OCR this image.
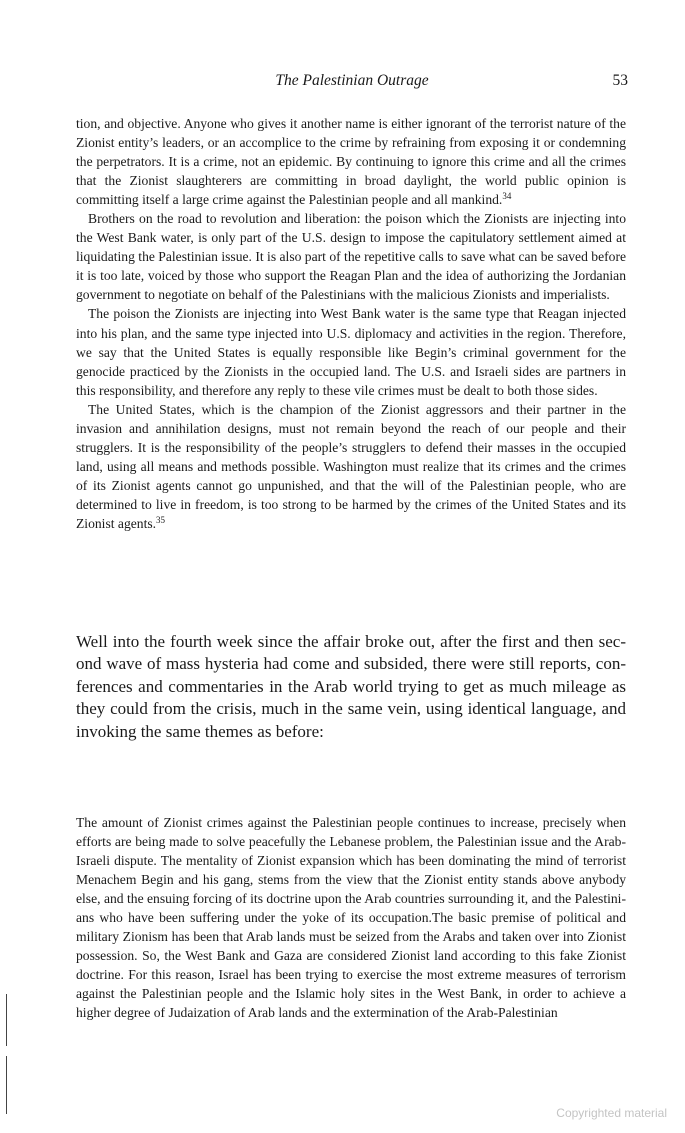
The Palestinian Outrage	53

tion, and objective. Anyone who gives it another name is either ignorant of the terrorist nature of the Zionist entity’s leaders, or an accomplice to the crime by refraining from exposing it or condemning the perpetrators. It is a crime, not an epidemic. By continuing to ignore this crime and all the crimes that the Zionist slaughterers are committing in broad daylight, the world public opinion is committing itself a large crime against the Palestinian people and all mankind.$^{34}$

Brothers on the road to revolution and liberation: the poison which the Zionists are injecting into the West Bank water, is only part of the U.S. design to impose the capitulatory settlement aimed at liquidating the Palestinian issue. It is also part of the repetitive calls to save what can be saved before it is too late, voiced by those who support the Reagan Plan and the idea of authorizing the Jordanian government to negotiate on behalf of the Palestinians with the malicious Zionists and imperialists.

The poison the Zionists are injecting into West Bank water is the same type that Reagan injected into his plan, and the same type injected into U.S. diplomacy and activities in the region. Therefore, we say that the United States is equally responsible like Begin’s criminal government for the genocide practiced by the Zionists in the occupied land. The U.S. and Israeli sides are partners in this responsibility, and therefore any reply to these vile crimes must be dealt to both those sides.

The United States, which is the champion of the Zionist aggressors and their partner in the invasion and annihilation designs, must not remain beyond the reach of our people and their strugglers. It is the responsibility of the people’s strugglers to defend their masses in the occupied land, using all means and methods possible. Washington must realize that its crimes and the crimes of its Zionist agents cannot go unpunished, and that the will of the Palestinian people, who are determined to live in freedom, is too strong to be harmed by the crimes of the United States and its Zionist agents.$^{35}$

Well into the fourth week since the affair broke out, after the first and then second wave of mass hysteria had come and subsided, there were still reports, conferences and commentaries in the Arab world trying to get as much mileage as they could from the crisis, much in the same vein, using identical language, and invoking the same themes as before:

The amount of Zionist crimes against the Palestinian people continues to increase, precisely when efforts are being made to solve peacefully the Lebanese problem, the Palestinian issue and the Arab-Israeli dispute. The mentality of Zionist expansion which has been dominating the mind of terrorist Menachem Begin and his gang, stems from the view that the Zionist entity stands above anybody else, and the ensuing forcing of its doctrine upon the Arab countries surrounding it, and the Palestinians who have been suffering under the yoke of its occupation.The basic premise of political and military Zionism has been that Arab lands must be seized from the Arabs and taken over into Zionist possession. So, the West Bank and Gaza are considered Zionist land according to this fake Zionist doctrine. For this reason, Israel has been trying to exercise the most extreme measures of terrorism against the Palestinian people and the Islamic holy sites in the West Bank, in order to achieve a higher degree of Judaization of Arab lands and the extermination of the Arab-Palestinian

Copyrighted material
